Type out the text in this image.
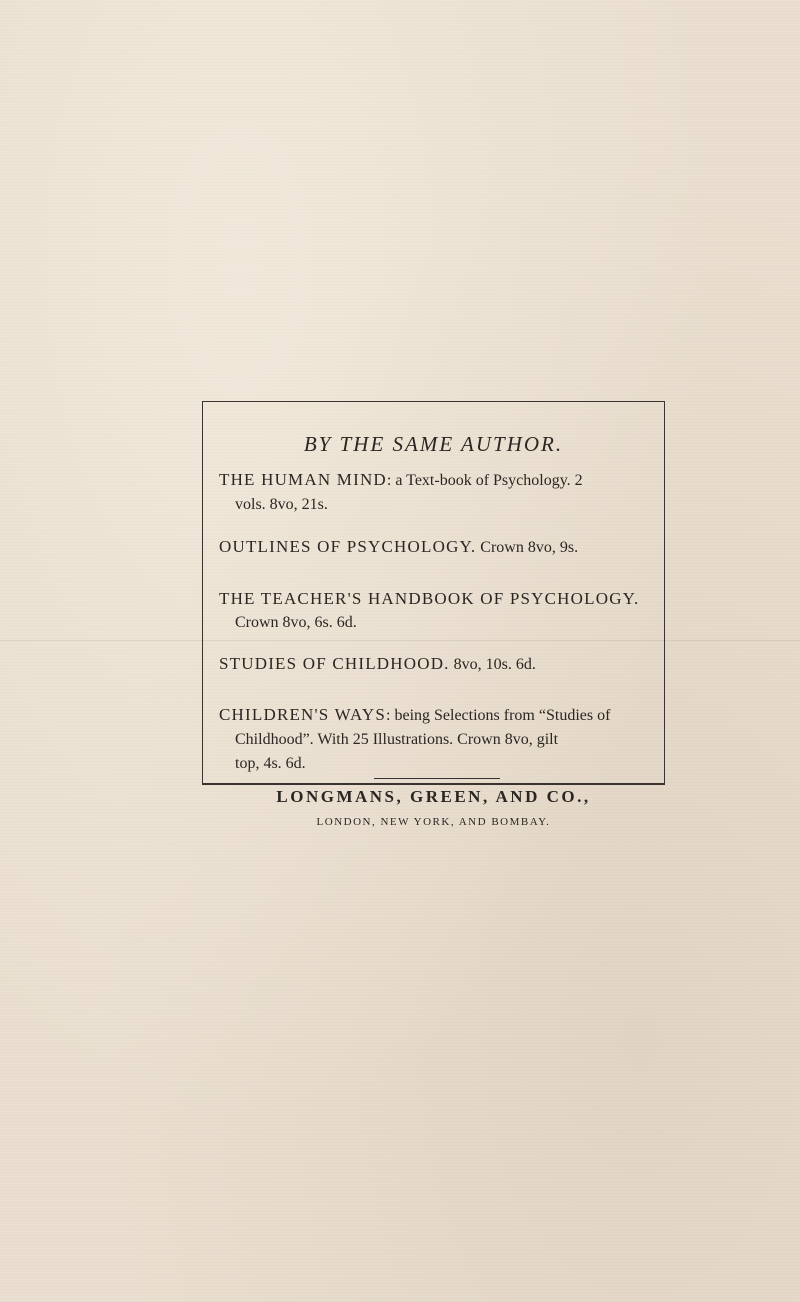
BY THE SAME AUTHOR.
THE HUMAN MIND: a Text-book of Psychology. 2
vols. 8vo, 21s.
OUTLINES OF PSYCHOLOGY. Crown 8vo, 9s.
THE TEACHER'S HANDBOOK OF PSYCHOLOGY.
Crown 8vo, 6s. 6d.
STUDIES OF CHILDHOOD. 8vo, 10s. 6d.
CHILDREN'S WAYS: being Selections from “Studies of
Childhood”. With 25 Illustrations. Crown 8vo, gilt
top, 4s. 6d.
LONGMANS, GREEN, AND CO.,
LONDON, NEW YORK, AND BOMBAY.
